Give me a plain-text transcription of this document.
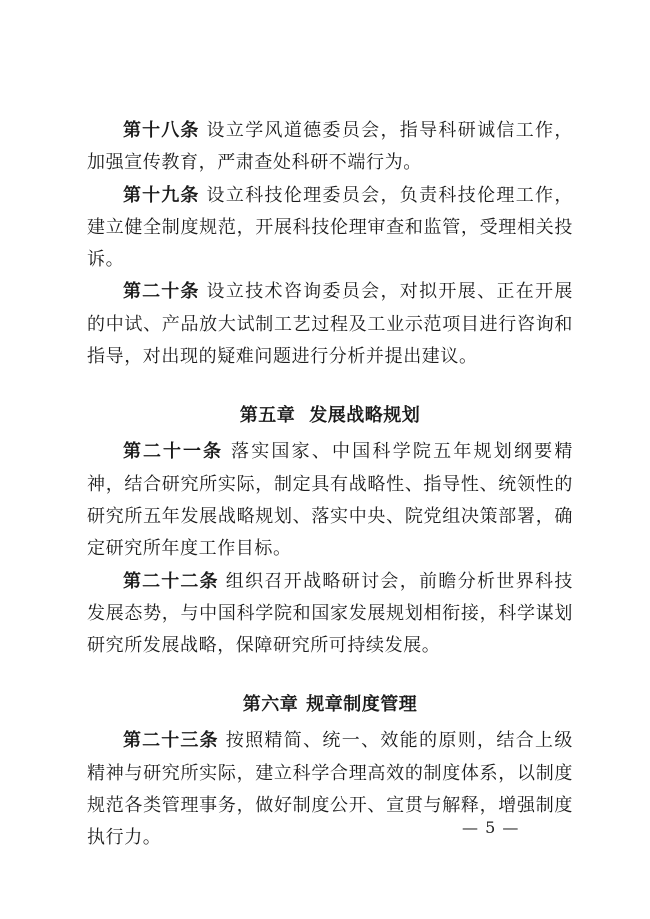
第十八条 设立学风道德委员会，指导科研诚信工作，加强宣传教育，严肃查处科研不端行为。

第十九条 设立科技伦理委员会，负责科技伦理工作，建立健全制度规范，开展科技伦理审查和监管，受理相关投诉。

第二十条 设立技术咨询委员会，对拟开展、正在开展的中试、产品放大试制工艺过程及工业示范项目进行咨询和指导，对出现的疑难问题进行分析并提出建议。

第五章 发展战略规划

第二十一条 落实国家、中国科学院五年规划纲要精神，结合研究所实际，制定具有战略性、指导性、统领性的研究所五年发展战略规划、落实中央、院党组决策部署，确定研究所年度工作目标。

第二十二条 组织召开战略研讨会，前瞻分析世界科技发展态势，与中国科学院和国家发展规划相衔接，科学谋划研究所发展战略，保障研究所可持续发展。

第六章 规章制度管理

第二十三条 按照精简、统一、效能的原则，结合上级精神与研究所实际，建立科学合理高效的制度体系，以制度规范各类管理事务，做好制度公开、宣贯与解释，增强制度执行力。	— 5 —
